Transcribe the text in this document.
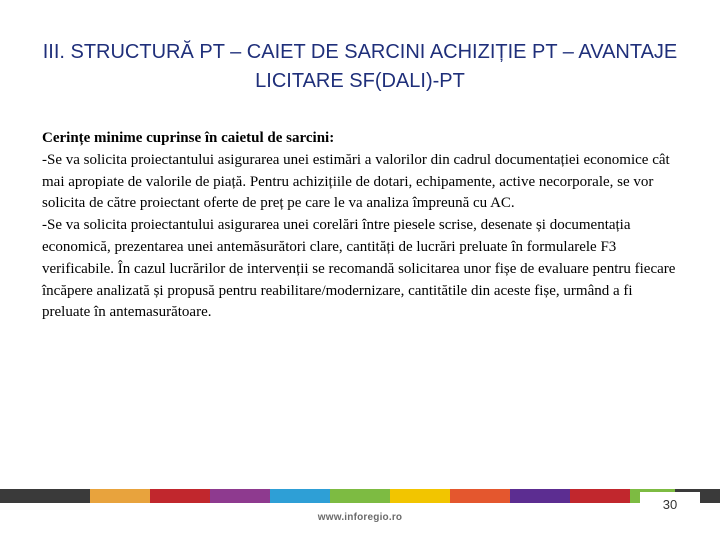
III. STRUCTURĂ PT – CAIET DE SARCINI ACHIZIȚIE PT – AVANTAJE LICITARE SF(DALI)-PT

Cerințe minime cuprinse în caietul de sarcini:

-Se va solicita proiectantului asigurarea unei estimări a valorilor din cadrul documentației economice cât mai apropiate de valorile de piață. Pentru achizițiile de dotari, echipamente, active necorporale, se vor solicita de către proiectant oferte de preț pe care le va analiza împreună cu AC.

-Se va solicita proiectantului asigurarea unei corelări între piesele scrise, desenate și documentația economică, prezentarea unei antemăsurători clare, cantități de lucrări preluate în formularele F3 verificabile. În cazul lucrărilor de intervenții se recomandă solicitarea unor fișe de evaluare pentru fiecare încăpere analizată și propusă pentru reabilitare/modernizare, cantitătile din aceste fișe, urmând a fi preluate în antemasurătoare.

30
www.inforegio.ro
